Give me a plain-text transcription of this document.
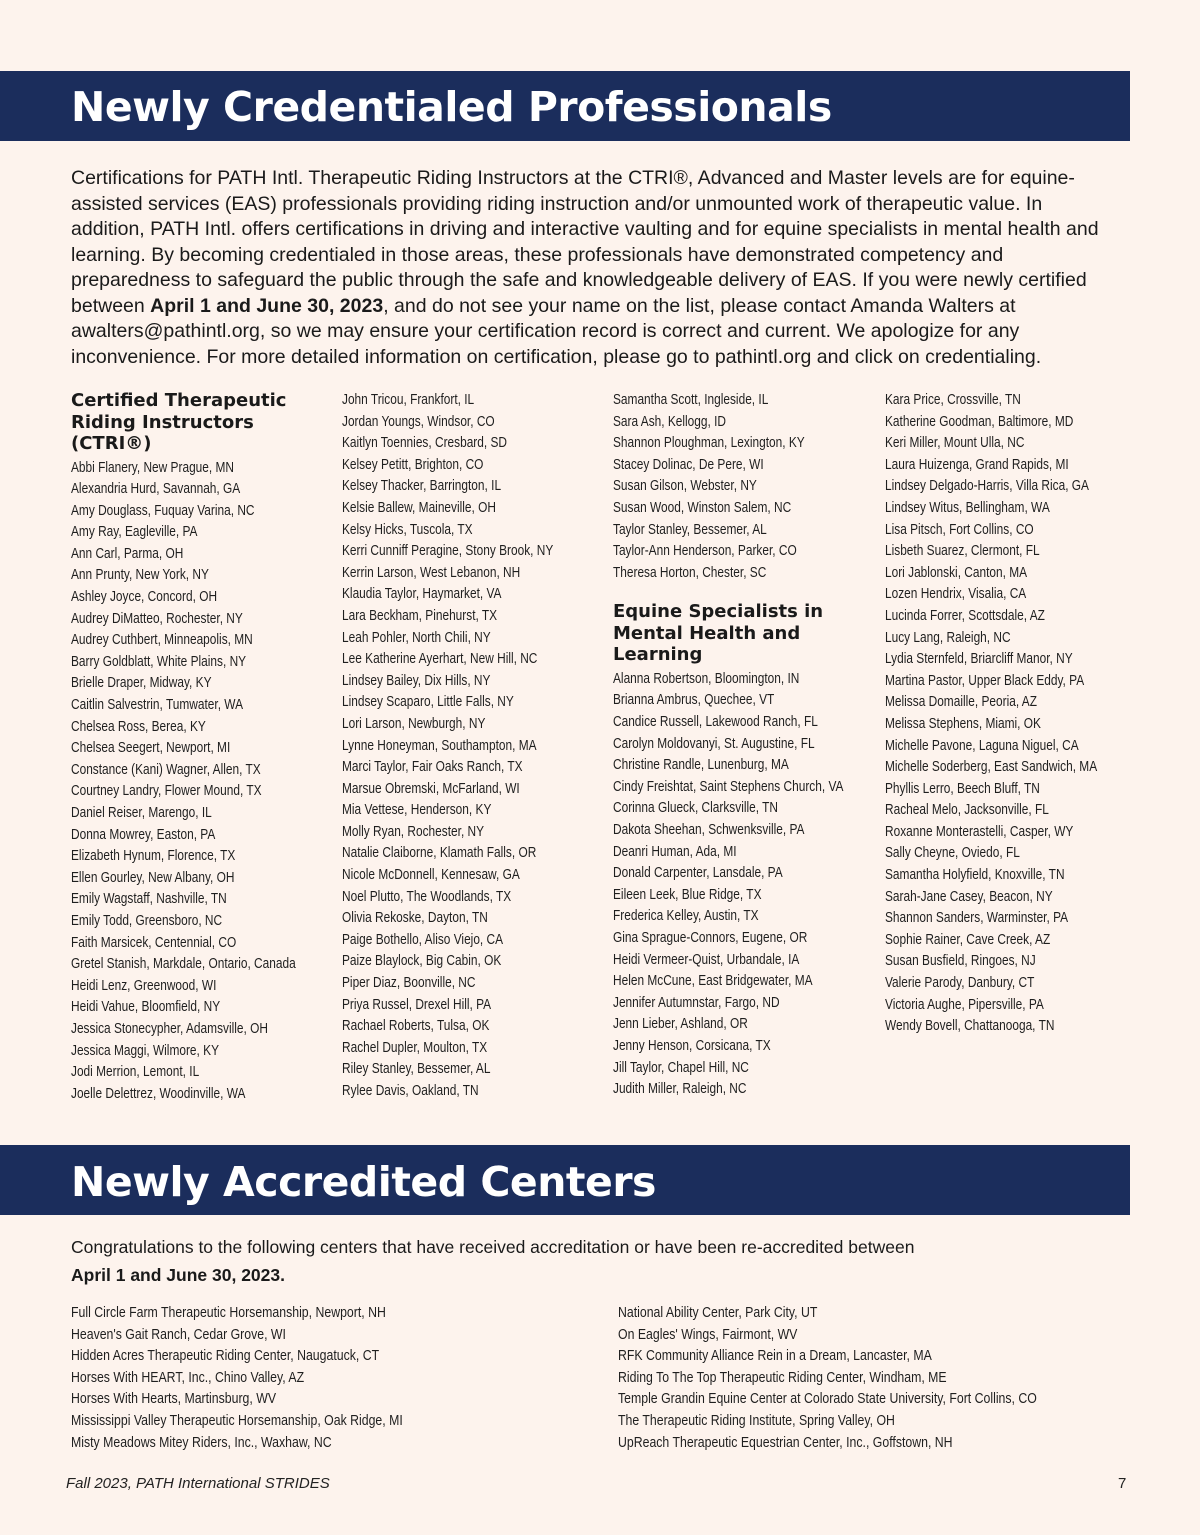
Newly Credentialed Professionals

Certifications for PATH Intl. Therapeutic Riding Instructors at the CTRI®, Advanced and Master levels are for equine-assisted services (EAS) professionals providing riding instruction and/or unmounted work of therapeutic value. In addition, PATH Intl. offers certifications in driving and interactive vaulting and for equine specialists in mental health and learning. By becoming credentialed in those areas, these professionals have demonstrated competency and preparedness to safeguard the public through the safe and knowledgeable delivery of EAS. If you were newly certified between April 1 and June 30, 2023, and do not see your name on the list, please contact Amanda Walters at awalters@pathintl.org, so we may ensure your certification record is correct and current. We apologize for any inconvenience. For more detailed information on certification, please go to pathintl.org and click on credentialing.

Certified Therapeutic Riding Instructors (CTRI®)
Abbi Flanery, New Prague, MN
Alexandria Hurd, Savannah, GA
Amy Douglass, Fuquay Varina, NC
Amy Ray, Eagleville, PA
Ann Carl, Parma, OH
Ann Prunty, New York, NY
Ashley Joyce, Concord, OH
Audrey DiMatteo, Rochester, NY
Audrey Cuthbert, Minneapolis, MN
Barry Goldblatt, White Plains, NY
Brielle Draper, Midway, KY
Caitlin Salvestrin, Tumwater, WA
Chelsea Ross, Berea, KY
Chelsea Seegert, Newport, MI
Constance (Kani) Wagner, Allen, TX
Courtney Landry, Flower Mound, TX
Daniel Reiser, Marengo, IL
Donna Mowrey, Easton, PA
Elizabeth Hynum, Florence, TX
Ellen Gourley, New Albany, OH
Emily Wagstaff, Nashville, TN
Emily Todd, Greensboro, NC
Faith Marsicek, Centennial, CO
Gretel Stanish, Markdale, Ontario, Canada
Heidi Lenz, Greenwood, WI
Heidi Vahue, Bloomfield, NY
Jessica Stonecypher, Adamsville, OH
Jessica Maggi, Wilmore, KY
Jodi Merrion, Lemont, IL
Joelle Delettrez, Woodinville, WA
John Tricou, Frankfort, IL
Jordan Youngs, Windsor, CO
Kaitlyn Toennies, Cresbard, SD
Kelsey Petitt, Brighton, CO
Kelsey Thacker, Barrington, IL
Kelsie Ballew, Maineville, OH
Kelsy Hicks, Tuscola, TX
Kerri Cunniff Peragine, Stony Brook, NY
Kerrin Larson, West Lebanon, NH
Klaudia Taylor, Haymarket, VA
Lara Beckham, Pinehurst, TX
Leah Pohler, North Chili, NY
Lee Katherine Ayerhart, New Hill, NC
Lindsey Bailey, Dix Hills, NY
Lindsey Scaparo, Little Falls, NY
Lori Larson, Newburgh, NY
Lynne Honeyman, Southampton, MA
Marci Taylor, Fair Oaks Ranch, TX
Marsue Obremski, McFarland, WI
Mia Vettese, Henderson, KY
Molly Ryan, Rochester, NY
Natalie Claiborne, Klamath Falls, OR
Nicole McDonnell, Kennesaw, GA
Noel Plutto, The Woodlands, TX
Olivia Rekoske, Dayton, TN
Paige Bothello, Aliso Viejo, CA
Paize Blaylock, Big Cabin, OK
Piper Diaz, Boonville, NC
Priya Russel, Drexel Hill, PA
Rachael Roberts, Tulsa, OK
Rachel Dupler, Moulton, TX
Riley Stanley, Bessemer, AL
Rylee Davis, Oakland, TN
Samantha Scott, Ingleside, IL
Sara Ash, Kellogg, ID
Shannon Ploughman, Lexington, KY
Stacey Dolinac, De Pere, WI
Susan Gilson, Webster, NY
Susan Wood, Winston Salem, NC
Taylor Stanley, Bessemer, AL
Taylor-Ann Henderson, Parker, CO
Theresa Horton, Chester, SC
Equine Specialists in Mental Health and Learning
Alanna Robertson, Bloomington, IN
Brianna Ambrus, Quechee, VT
Candice Russell, Lakewood Ranch, FL
Carolyn Moldovanyi, St. Augustine, FL
Christine Randle, Lunenburg, MA
Cindy Freishtat, Saint Stephens Church, VA
Corinna Glueck, Clarksville, TN
Dakota Sheehan, Schwenksville, PA
Deanri Human, Ada, MI
Donald Carpenter, Lansdale, PA
Eileen Leek, Blue Ridge, TX
Frederica Kelley, Austin, TX
Gina Sprague-Connors, Eugene, OR
Heidi Vermeer-Quist, Urbandale, IA
Helen McCune, East Bridgewater, MA
Jennifer Autumnstar, Fargo, ND
Jenn Lieber, Ashland, OR
Jenny Henson, Corsicana, TX
Jill Taylor, Chapel Hill, NC
Judith Miller, Raleigh, NC
Kara Price, Crossville, TN
Katherine Goodman, Baltimore, MD
Keri Miller, Mount Ulla, NC
Laura Huizenga, Grand Rapids, MI
Lindsey Delgado-Harris, Villa Rica, GA
Lindsey Witus, Bellingham, WA
Lisa Pitsch, Fort Collins, CO
Lisbeth Suarez, Clermont, FL
Lori Jablonski, Canton, MA
Lozen Hendrix, Visalia, CA
Lucinda Forrer, Scottsdale, AZ
Lucy Lang, Raleigh, NC
Lydia Sternfeld, Briarcliff Manor, NY
Martina Pastor, Upper Black Eddy, PA
Melissa Domaille, Peoria, AZ
Melissa Stephens, Miami, OK
Michelle Pavone, Laguna Niguel, CA
Michelle Soderberg, East Sandwich, MA
Phyllis Lerro, Beech Bluff, TN
Racheal Melo, Jacksonville, FL
Roxanne Monterastelli, Casper, WY
Sally Cheyne, Oviedo, FL
Samantha Holyfield, Knoxville, TN
Sarah-Jane Casey, Beacon, NY
Shannon Sanders, Warminster, PA
Sophie Rainer, Cave Creek, AZ
Susan Busfield, Ringoes, NJ
Valerie Parody, Danbury, CT
Victoria Aughe, Pipersville, PA
Wendy Bovell, Chattanooga, TN
Newly Accredited Centers

Congratulations to the following centers that have received accreditation or have been re-accredited between
April 1 and June 30, 2023.

Full Circle Farm Therapeutic Horsemanship, Newport, NH
Heaven's Gait Ranch, Cedar Grove, WI
Hidden Acres Therapeutic Riding Center, Naugatuck, CT
Horses With HEART, Inc., Chino Valley, AZ
Horses With Hearts, Martinsburg, WV
Mississippi Valley Therapeutic Horsemanship, Oak Ridge, MI
Misty Meadows Mitey Riders, Inc., Waxhaw, NC
National Ability Center, Park City, UT
On Eagles' Wings, Fairmont, WV
RFK Community Alliance Rein in a Dream, Lancaster, MA
Riding To The Top Therapeutic Riding Center, Windham, ME
Temple Grandin Equine Center at Colorado State University, Fort Collins, CO
The Therapeutic Riding Institute, Spring Valley, OH
UpReach Therapeutic Equestrian Center, Inc., Goffstown, NH
Fall 2023, PATH International STRIDES	7
